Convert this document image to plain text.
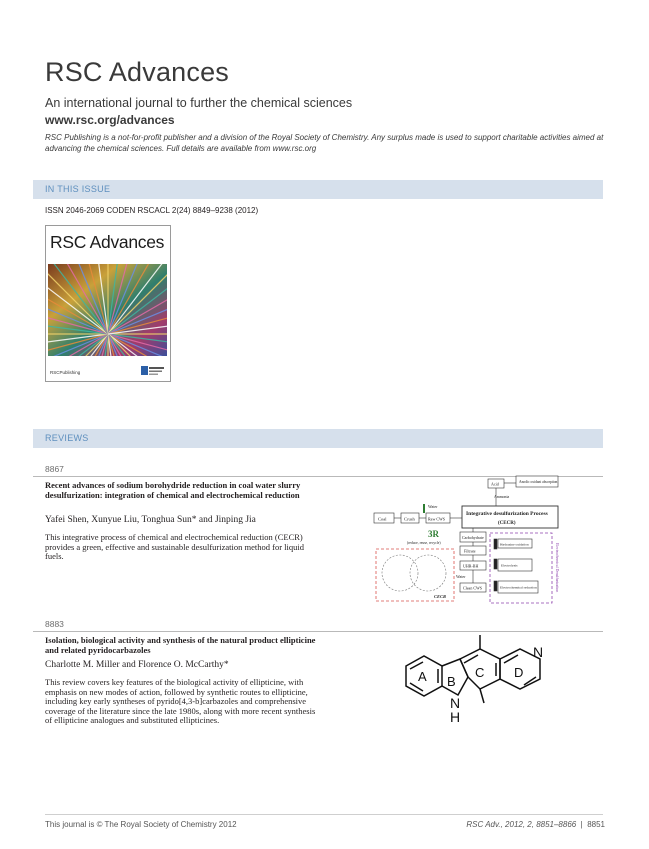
RSC Advances
An international journal to further the chemical sciences
www.rsc.org/advances
RSC Publishing is a not-for-profit publisher and a division of the Royal Society of Chemistry. Any surplus made is used to support charitable activities aimed at advancing the chemical sciences. Full details are available from www.rsc.org
IN THIS ISSUE
ISSN 2046-2069 CODEN RSCACL 2(24) 8849–9238 (2012)
RSC Advances
RSCPublishing
REVIEWS
8867
Recent advances of sodium borohydride reduction in coal water slurry desulfurization: integration of chemical and electrochemical reduction
Yafei Shen, Xunyue Liu, Tonghua Sun* and Jinping Jia
This integrative process of chemical and electrochemical reduction (CECR) provides a green, effective and sustainable desulfurization method for liquid fuels.
Coal	Crush	Raw CWS
Water
Integrative desulfurization Process
(CECR)
3R
(reduce, reuse, recycle)
Acid	Anodic oxidant absorption
Ammonia
Carbohydrate
Filtrate
UHR-BH
Water
Clean CWS
Hydrazine oxidation
Electrolysis
Electrochemical reduction	Electrochemical Desulfurization
CECR
8883
Isolation, biological activity and synthesis of the natural product ellipticine and related pyridocarbazoles
Charlotte M. Miller and Florence O. McCarthy*
This review covers key features of the biological activity of ellipticine, with emphasis on new modes of action, followed by synthetic routes to ellipticine, including key early syntheses of pyrido[4,3-b]carbazoles and comprehensive coverage of the literature since the late 1980s, along with more recent synthesis of ellipticine analogues and substituted ellipticines.
A B
C D
N
N
H
This journal is © The Royal Society of Chemistry 2012	RSC Adv., 2012, 2, 8851–8866  |  8851
